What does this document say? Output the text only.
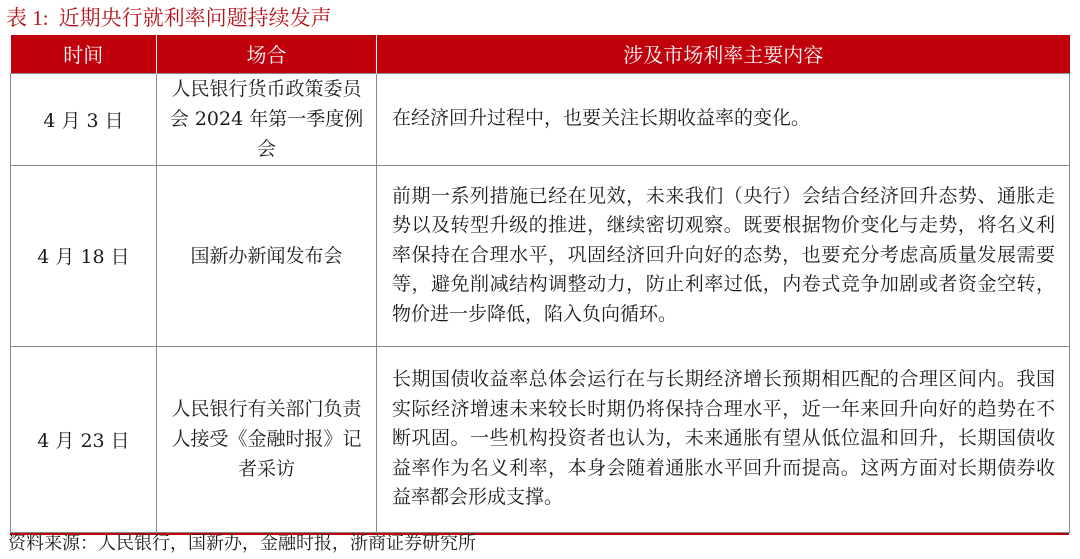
表 1: 近期央行就利率问题持续发声
时间	场合	涉及市场利率主要内容
4 月 3 日	人民银行货币政策委员会 2024 年第一季度例会	在经济回升过程中，也要关注长期收益率的变化。
4 月 18 日	国新办新闻发布会	前期一系列措施已经在见效，未来我们（央行）会结合经济回升态势、通胀走势以及转型升级的推进，继续密切观察。既要根据物价变化与走势，将名义利率保持在合理水平，巩固经济回升向好的态势，也要充分考虑高质量发展需要等，避免削减结构调整动力，防止利率过低，内卷式竞争加剧或者资金空转，物价进一步降低，陷入负向循环。
4 月 23 日	人民银行有关部门负责人接受《金融时报》记者采访	长期国债收益率总体会运行在与长期经济增长预期相匹配的合理区间内。我国实际经济增速未来较长时期仍将保持合理水平，近一年来回升向好的趋势在不断巩固。一些机构投资者也认为，未来通胀有望从低位温和回升，长期国债收益率作为名义利率，本身会随着通胀水平回升而提高。这两方面对长期债券收益率都会形成支撑。
资料来源：人民银行，国新办，金融时报，浙商证券研究所
